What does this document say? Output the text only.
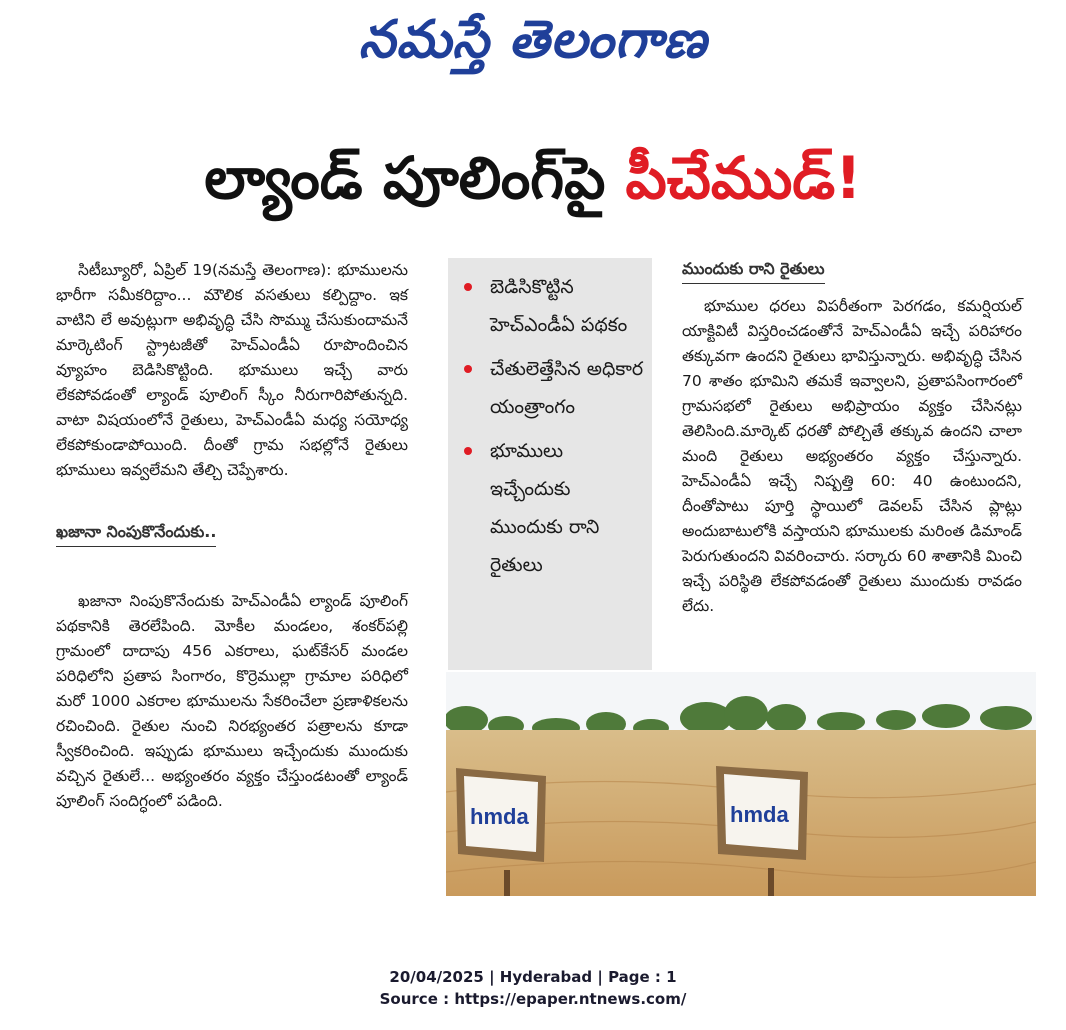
నమస్తే తెలంగాణ
ల్యాండ్ పూలింగ్‌పై పీచేముడ్!

సిటీబ్యూరో, ఏప్రిల్ 19(నమస్తే తెలంగాణ): భూములను భారీగా సమీకరిద్దాం... మౌలిక వసతులు కల్పిద్దాం. ఇక వాటిని లే అవుట్లుగా అభివృద్ధి చేసి సొమ్ము చేసుకుందామనే మార్కెటింగ్ స్ట్రాటజీతో హెచ్‌ఎండీఏ రూపొందించిన వ్యూహం బెడిసికొట్టింది. భూములు ఇచ్చే వారు లేకపోవడంతో ల్యాండ్ పూలింగ్ స్కీం నీరుగారిపోతున్నది. వాటా విషయంలోనే రైతులు, హెచ్‌ఎండీఏ మధ్య సయోధ్య లేకపోకుండాపోయింది. దీంతో గ్రామ సభల్లోనే రైతులు భూములు ఇవ్వలేమని తేల్చి చెప్పేశారు.

ఖజానా నింపుకొనేందుకు..

ఖజానా నింపుకొనేందుకు హెచ్‌ఎండీఏ ల్యాండ్ పూలింగ్ పథకానికి తెరలేపింది. మోకీల మండలం, శంకర్‌పల్లి గ్రామంలో దాదాపు 456 ఎకరాలు, ఘట్‌కేసర్ మండల పరిధిలోని ప్రతాప సింగారం, కొర్రెముల్లా గ్రామాల పరిధిలో మరో 1000 ఎకరాల భూములను సేకరించేలా ప్రణాళికలను రచించింది. రైతుల నుంచి నిరభ్యంతర పత్రాలను కూడా స్వీకరించింది. ఇప్పుడు భూములు ఇచ్చేందుకు ముందుకు వచ్చిన రైతులే... అభ్యంతరం వ్యక్తం చేస్తుండటంతో ల్యాండ్ పూలింగ్ సందిగ్ధంలో పడింది.

బెడిసికొట్టిన హెచ్‌ఎండీఏ పథకం
చేతులెత్తేసిన అధికార యంత్రాంగం
భూములు ఇచ్చేందుకు ముందుకు రాని రైతులు
ముందుకు రాని రైతులు

భూముల ధరలు విపరీతంగా పెరగడం, కమర్షియల్ యాక్టివిటీ విస్తరించడంతోనే హెచ్‌ఎండీఏ ఇచ్చే పరిహారం తక్కువగా ఉందని రైతులు భావిస్తున్నారు. అభివృద్ధి చేసిన 70 శాతం భూమిని తమకే ఇవ్వాలని, ప్రతాపసింగారంలో గ్రామసభలో రైతులు అభిప్రాయం వ్యక్తం చేసినట్లు తెలిసింది.మార్కెట్ ధరతో పోల్చితే తక్కువ ఉందని చాలా మంది రైతులు అభ్యంతరం వ్యక్తం చేస్తున్నారు. హెచ్‌ఎండీఏ ఇచ్చే నిష్పత్తి 60: 40 ఉంటుందని, దీంతోపాటు పూర్తి స్థాయిలో డెవలప్ చేసిన ప్లాట్లు అందుబాటులోకి వస్తాయని భూములకు మరింత డిమాండ్ పెరుగుతుందని వివరించారు. సర్కారు 60 శాతానికి మించి ఇచ్చే పరిస్థితి లేకపోవడంతో రైతులు ముందుకు రావడం లేదు.

hmda	hmda
20/04/2025 | Hyderabad | Page : 1
Source : https://epaper.ntnews.com/
